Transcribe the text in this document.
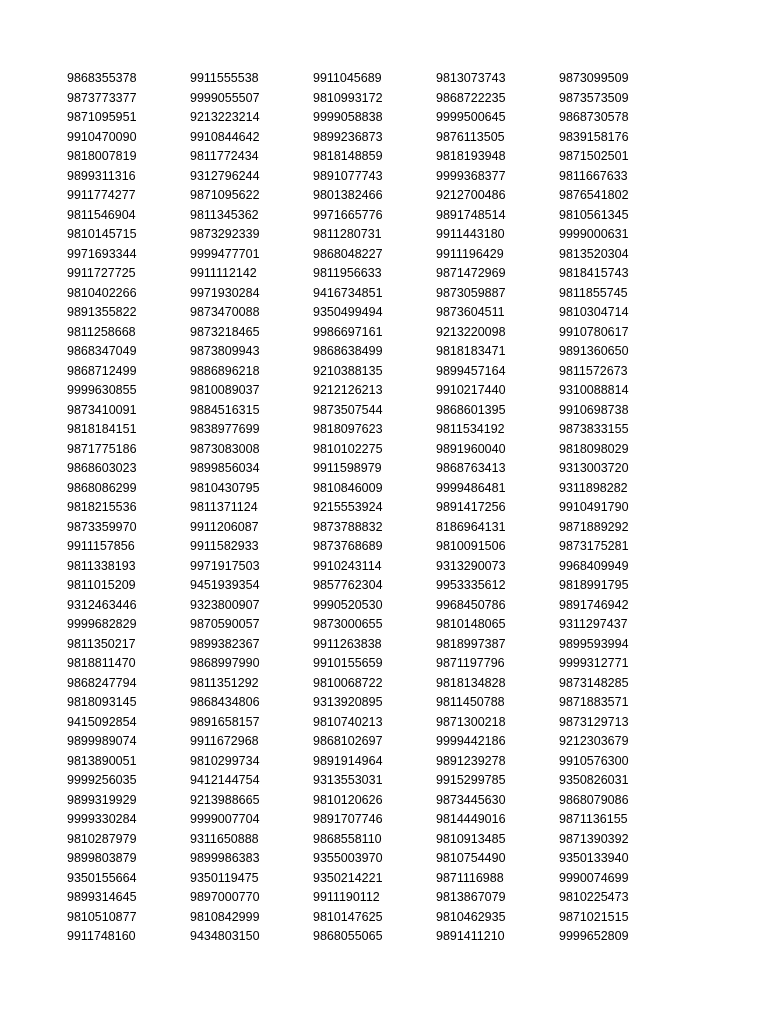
9868355378	9911555538	9911045689	9813073743	9873099509
9873773377	9999055507	9810993172	9868722235	9873573509
9871095951	9213223214	9999058838	9999500645	9868730578
9910470090	9910844642	9899236873	9876113505	9839158176
9818007819	9811772434	9818148859	9818193948	9871502501
9899311316	9312796244	9891077743	9999368377	9811667633
9911774277	9871095622	9801382466	9212700486	9876541802
9811546904	9811345362	9971665776	9891748514	9810561345
9810145715	9873292339	9811280731	9911443180	9999000631
9971693344	9999477701	9868048227	9911196429	9813520304
9911727725	9911112142	9811956633	9871472969	9818415743
9810402266	9971930284	9416734851	9873059887	9811855745
9891355822	9873470088	9350499494	9873604511	9810304714
9811258668	9873218465	9986697161	9213220098	9910780617
9868347049	9873809943	9868638499	9818183471	9891360650
9868712499	9886896218	9210388135	9899457164	9811572673
9999630855	9810089037	9212126213	9910217440	9310088814
9873410091	9884516315	9873507544	9868601395	9910698738
9818184151	9838977699	9818097623	9811534192	9873833155
9871775186	9873083008	9810102275	9891960040	9818098029
9868603023	9899856034	9911598979	9868763413	9313003720
9868086299	9810430795	9810846009	9999486481	9311898282
9818215536	9811371124	9215553924	9891417256	9910491790
9873359970	9911206087	9873788832	8186964131	9871889292
9911157856	9911582933	9873768689	9810091506	9873175281
9811338193	9971917503	9910243114	9313290073	9968409949
9811015209	9451939354	9857762304	9953335612	9818991795
9312463446	9323800907	9990520530	9968450786	9891746942
9999682829	9870590057	9873000655	9810148065	9311297437
9811350217	9899382367	9911263838	9818997387	9899593994
9818811470	9868997990	9910155659	9871197796	9999312771
9868247794	9811351292	9810068722	9818134828	9873148285
9818093145	9868434806	9313920895	9811450788	9871883571
9415092854	9891658157	9810740213	9871300218	9873129713
9899989074	9911672968	9868102697	9999442186	9212303679
9813890051	9810299734	9891914964	9891239278	9910576300
9999256035	9412144754	9313553031	9915299785	9350826031
9899319929	9213988665	9810120626	9873445630	9868079086
9999330284	9999007704	9891707746	9814449016	9871136155
9810287979	9311650888	9868558110	9810913485	9871390392
9899803879	9899986383	9355003970	9810754490	9350133940
9350155664	9350119475	9350214221	9871116988	9990074699
9899314645	9897000770	9911190112	9813867079	9810225473
9810510877	9810842999	9810147625	9810462935	9871021515
9911748160	9434803150	9868055065	9891411210	9999652809
